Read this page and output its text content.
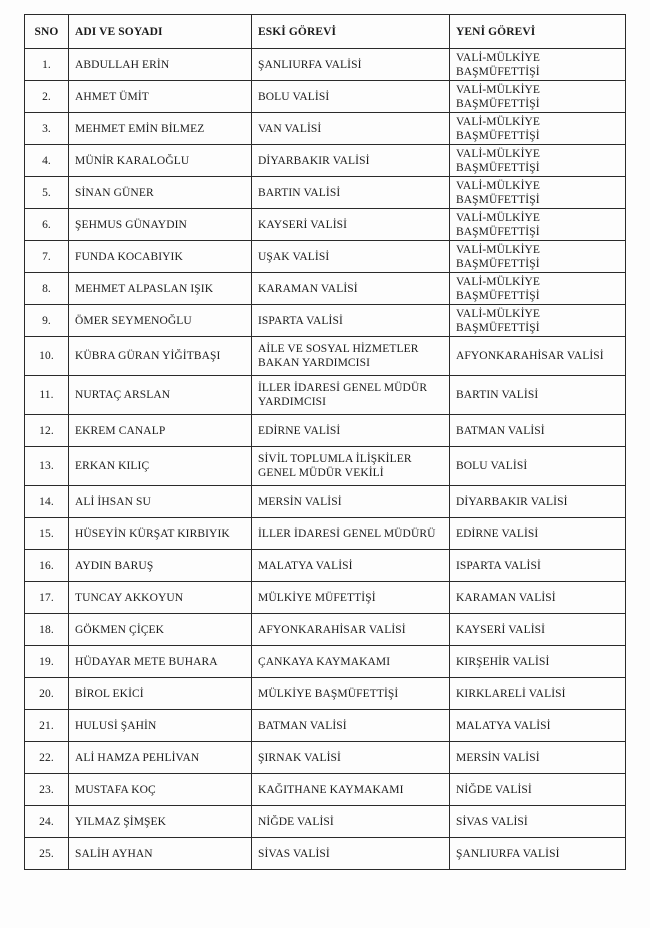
SNO	ADI VE SOYADI	ESKİ GÖREVİ	YENİ GÖREVİ
1.	ABDULLAH ERİN	ŞANLIURFA VALİSİ	VALİ-MÜLKİYE BAŞMÜFETTİŞİ
2.	AHMET ÜMİT	BOLU VALİSİ	VALİ-MÜLKİYE BAŞMÜFETTİŞİ
3.	MEHMET EMİN BİLMEZ	VAN VALİSİ	VALİ-MÜLKİYE BAŞMÜFETTİŞİ
4.	MÜNİR KARALOĞLU	DİYARBAKIR VALİSİ	VALİ-MÜLKİYE BAŞMÜFETTİŞİ
5.	SİNAN GÜNER	BARTIN VALİSİ	VALİ-MÜLKİYE BAŞMÜFETTİŞİ
6.	ŞEHMUS GÜNAYDIN	KAYSERİ VALİSİ	VALİ-MÜLKİYE BAŞMÜFETTİŞİ
7.	FUNDA KOCABIYIK	UŞAK VALİSİ	VALİ-MÜLKİYE BAŞMÜFETTİŞİ
8.	MEHMET ALPASLAN IŞIK	KARAMAN VALİSİ	VALİ-MÜLKİYE BAŞMÜFETTİŞİ
9.	ÖMER SEYMENOĞLU	ISPARTA VALİSİ	VALİ-MÜLKİYE BAŞMÜFETTİŞİ
10.	KÜBRA GÜRAN YİĞİTBAŞI	AİLE VE SOSYAL HİZMETLER BAKAN YARDIMCISI	AFYONKARAHİSAR VALİSİ
11.	NURTAÇ ARSLAN	İLLER İDARESİ GENEL MÜDÜR YARDIMCISI	BARTIN VALİSİ
12.	EKREM CANALP	EDİRNE VALİSİ	BATMAN VALİSİ
13.	ERKAN KILIÇ	SİVİL TOPLUMLA İLİŞKİLER GENEL MÜDÜR VEKİLİ	BOLU VALİSİ
14.	ALİ İHSAN SU	MERSİN VALİSİ	DİYARBAKIR VALİSİ
15.	HÜSEYİN KÜRŞAT KIRBIYIK	İLLER İDARESİ GENEL MÜDÜRÜ	EDİRNE VALİSİ
16.	AYDIN BARUŞ	MALATYA VALİSİ	ISPARTA VALİSİ
17.	TUNCAY AKKOYUN	MÜLKİYE MÜFETTİŞİ	KARAMAN VALİSİ
18.	GÖKMEN ÇİÇEK	AFYONKARAHİSAR VALİSİ	KAYSERİ VALİSİ
19.	HÜDAYAR METE BUHARA	ÇANKAYA KAYMAKAMI	KIRŞEHİR VALİSİ
20.	BİROL EKİCİ	MÜLKİYE BAŞMÜFETTİŞİ	KIRKLARELİ VALİSİ
21.	HULUSİ ŞAHİN	BATMAN VALİSİ	MALATYA VALİSİ
22.	ALİ HAMZA PEHLİVAN	ŞIRNAK VALİSİ	MERSİN VALİSİ
23.	MUSTAFA KOÇ	KAĞITHANE KAYMAKAMI	NİĞDE VALİSİ
24.	YILMAZ ŞİMŞEK	NİĞDE VALİSİ	SİVAS VALİSİ
25.	SALİH AYHAN	SİVAS VALİSİ	ŞANLIURFA VALİSİ
